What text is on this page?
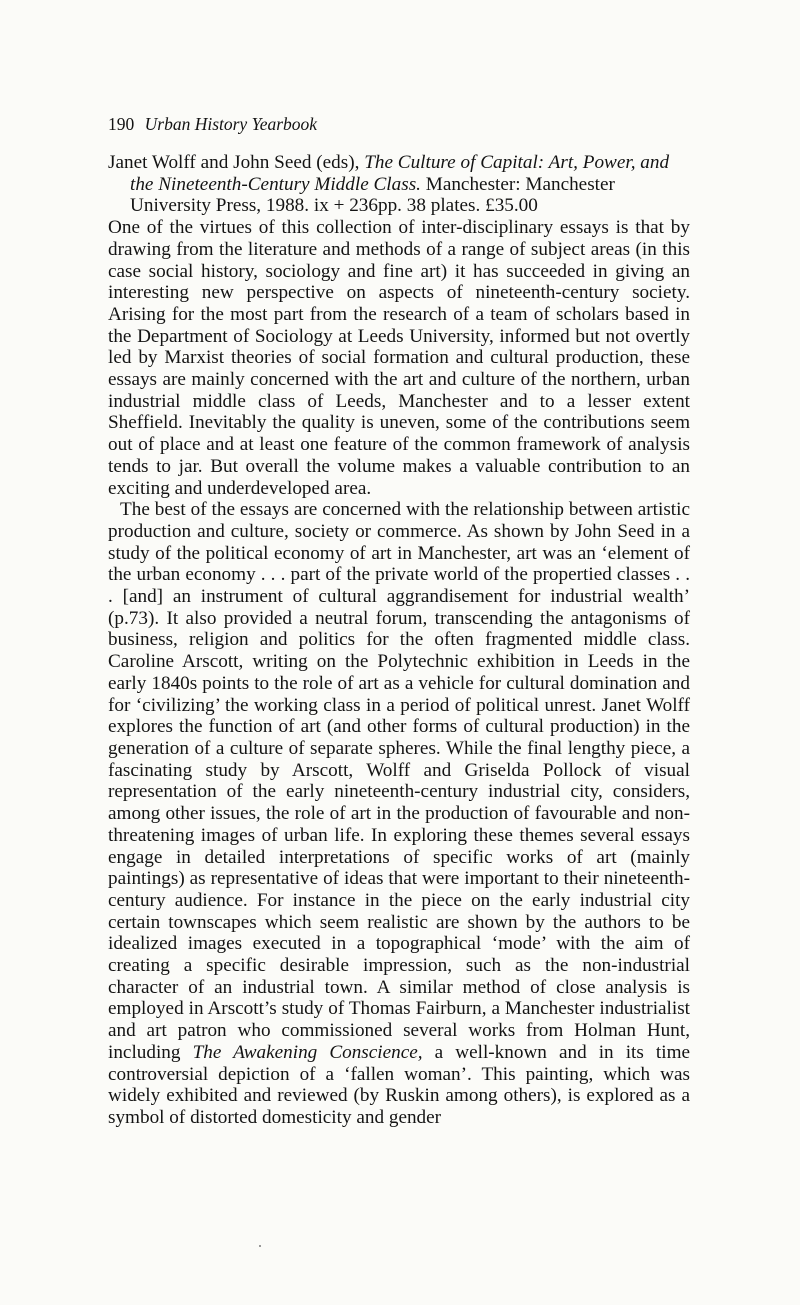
190 Urban History Yearbook

Janet Wolff and John Seed (eds), The Culture of Capital: Art, Power, and the Nineteenth-Century Middle Class. Manchester: Manchester University Press, 1988. ix + 236pp. 38 plates. £35.00

One of the virtues of this collection of inter-disciplinary essays is that by drawing from the literature and methods of a range of subject areas (in this case social history, sociology and fine art) it has succeeded in giving an interesting new perspective on aspects of nineteenth-century society. Arising for the most part from the research of a team of scholars based in the Department of Sociology at Leeds University, informed but not overtly led by Marxist theories of social formation and cultural production, these essays are mainly concerned with the art and culture of the northern, urban industrial middle class of Leeds, Manchester and to a lesser extent Sheffield. Inevitably the quality is uneven, some of the contributions seem out of place and at least one feature of the common framework of analysis tends to jar. But overall the volume makes a valuable contribution to an exciting and underdeveloped area.

The best of the essays are concerned with the relationship between artistic production and culture, society or commerce. As shown by John Seed in a study of the political economy of art in Manchester, art was an ‘element of the urban economy . . . part of the private world of the propertied classes . . . [and] an instrument of cultural aggrandisement for industrial wealth’ (p.73). It also provided a neutral forum, transcending the antagonisms of business, religion and politics for the often fragmented middle class. Caroline Arscott, writing on the Polytechnic exhibition in Leeds in the early 1840s points to the role of art as a vehicle for cultural domination and for ‘civilizing’ the working class in a period of political unrest. Janet Wolff explores the function of art (and other forms of cultural production) in the generation of a culture of separate spheres. While the final lengthy piece, a fascinating study by Arscott, Wolff and Griselda Pollock of visual representation of the early nineteenth-century industrial city, considers, among other issues, the role of art in the production of favourable and non-threatening images of urban life. In exploring these themes several essays engage in detailed interpretations of specific works of art (mainly paintings) as representative of ideas that were important to their nineteenth-century audience. For instance in the piece on the early industrial city certain townscapes which seem realistic are shown by the authors to be idealized images executed in a topographical ‘mode’ with the aim of creating a specific desirable impression, such as the non-industrial character of an industrial town. A similar method of close analysis is employed in Arscott’s study of Thomas Fairburn, a Manchester industrialist and art patron who commissioned several works from Holman Hunt, including The Awakening Conscience, a well-known and in its time controversial depiction of a ‘fallen woman’. This painting, which was widely exhibited and reviewed (by Ruskin among others), is explored as a symbol of distorted domesticity and gender
